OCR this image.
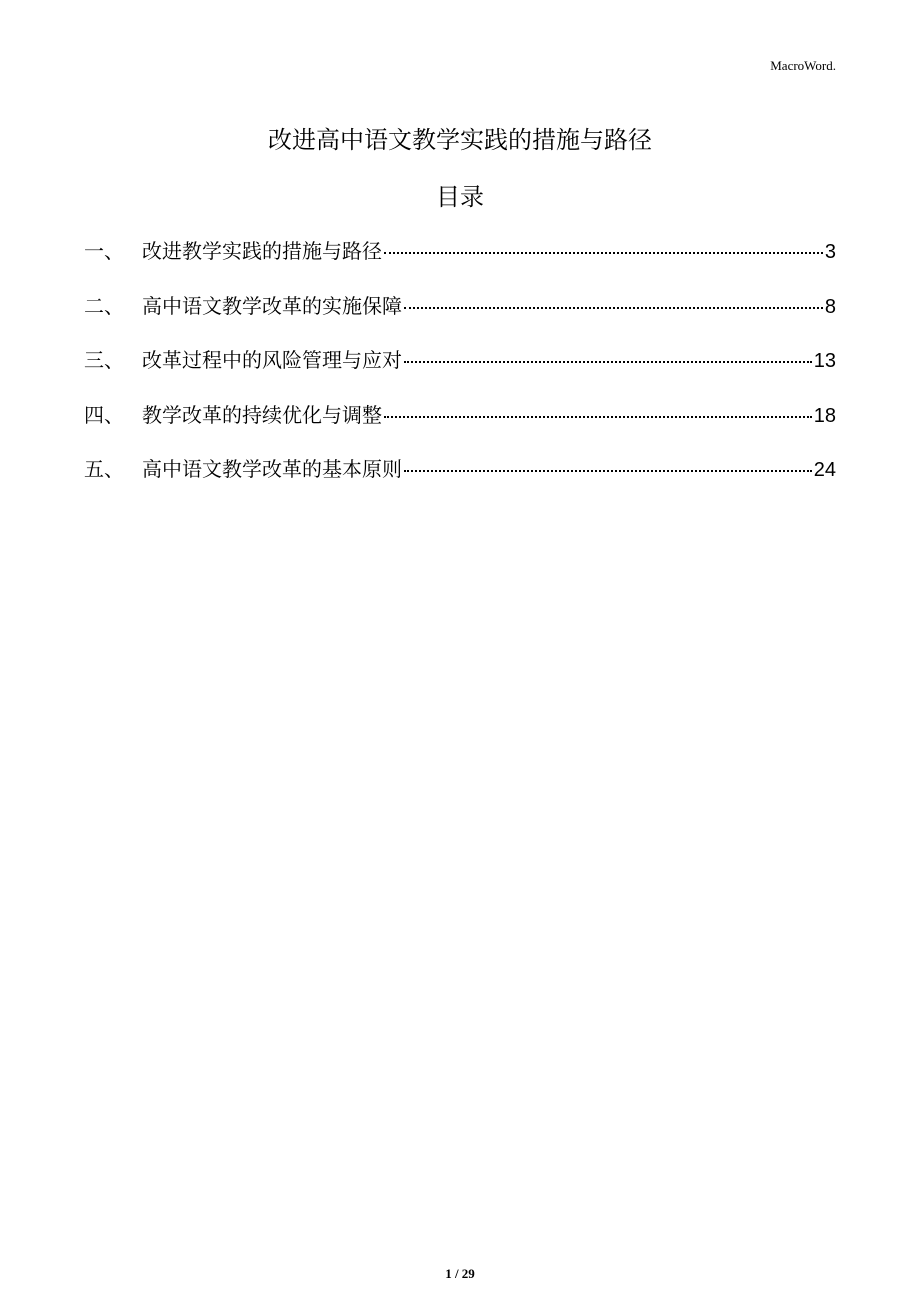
MacroWord.
改进高中语文教学实践的措施与路径
目录
一、 改进教学实践的措施与路径	3
二、 高中语文教学改革的实施保障	8
三、 改革过程中的风险管理与应对	13
四、 教学改革的持续优化与调整	18
五、 高中语文教学改革的基本原则	24
1 / 29
